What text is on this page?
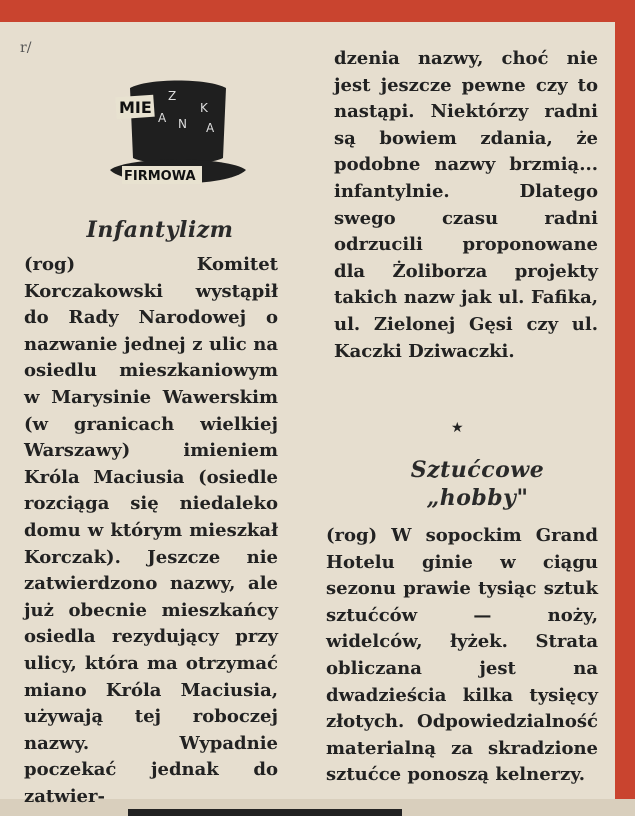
r/
MIE
Z
A N
K
A
FIRMOWA
Infantylizm
(rog) Komitet Korczakowski wystąpił do Rady Narodowej o nazwanie jednej z ulic na osiedlu mieszkaniowym w Marysinie Wawerskim (w granicach wielkiej Warszawy) imieniem Króla Maciusia (osiedle rozciąga się niedaleko domu w którym mieszkał Korczak). Jeszcze nie zatwierdzono nazwy, ale już obecnie mieszkańcy osiedla rezydujący przy ulicy, która ma otrzymać miano Króla Maciusia, używają tej roboczej nazwy. Wypadnie poczekać jednak do zatwier-
dzenia nazwy, choć nie jest jeszcze pewne czy to nastąpi. Niektórzy radni są bowiem zdania, że podobne nazwy brzmią... infantylnie. Dlatego swego czasu radni odrzucili proponowane dla Żoliborza projekty takich nazw jak ul. Fafika, ul. Zielonej Gęsi czy ul. Kaczki Dziwaczki.
★
Sztućcowe
„hobby"
(rog) W sopockim Grand Hotelu ginie w ciągu sezonu prawie tysiąc sztuk sztućców — noży, widelców, łyżek. Strata obliczana jest na dwadzieścia kilka tysięcy złotych. Odpowiedzialność materialną za skradzione sztućce ponoszą kelnerzy.
